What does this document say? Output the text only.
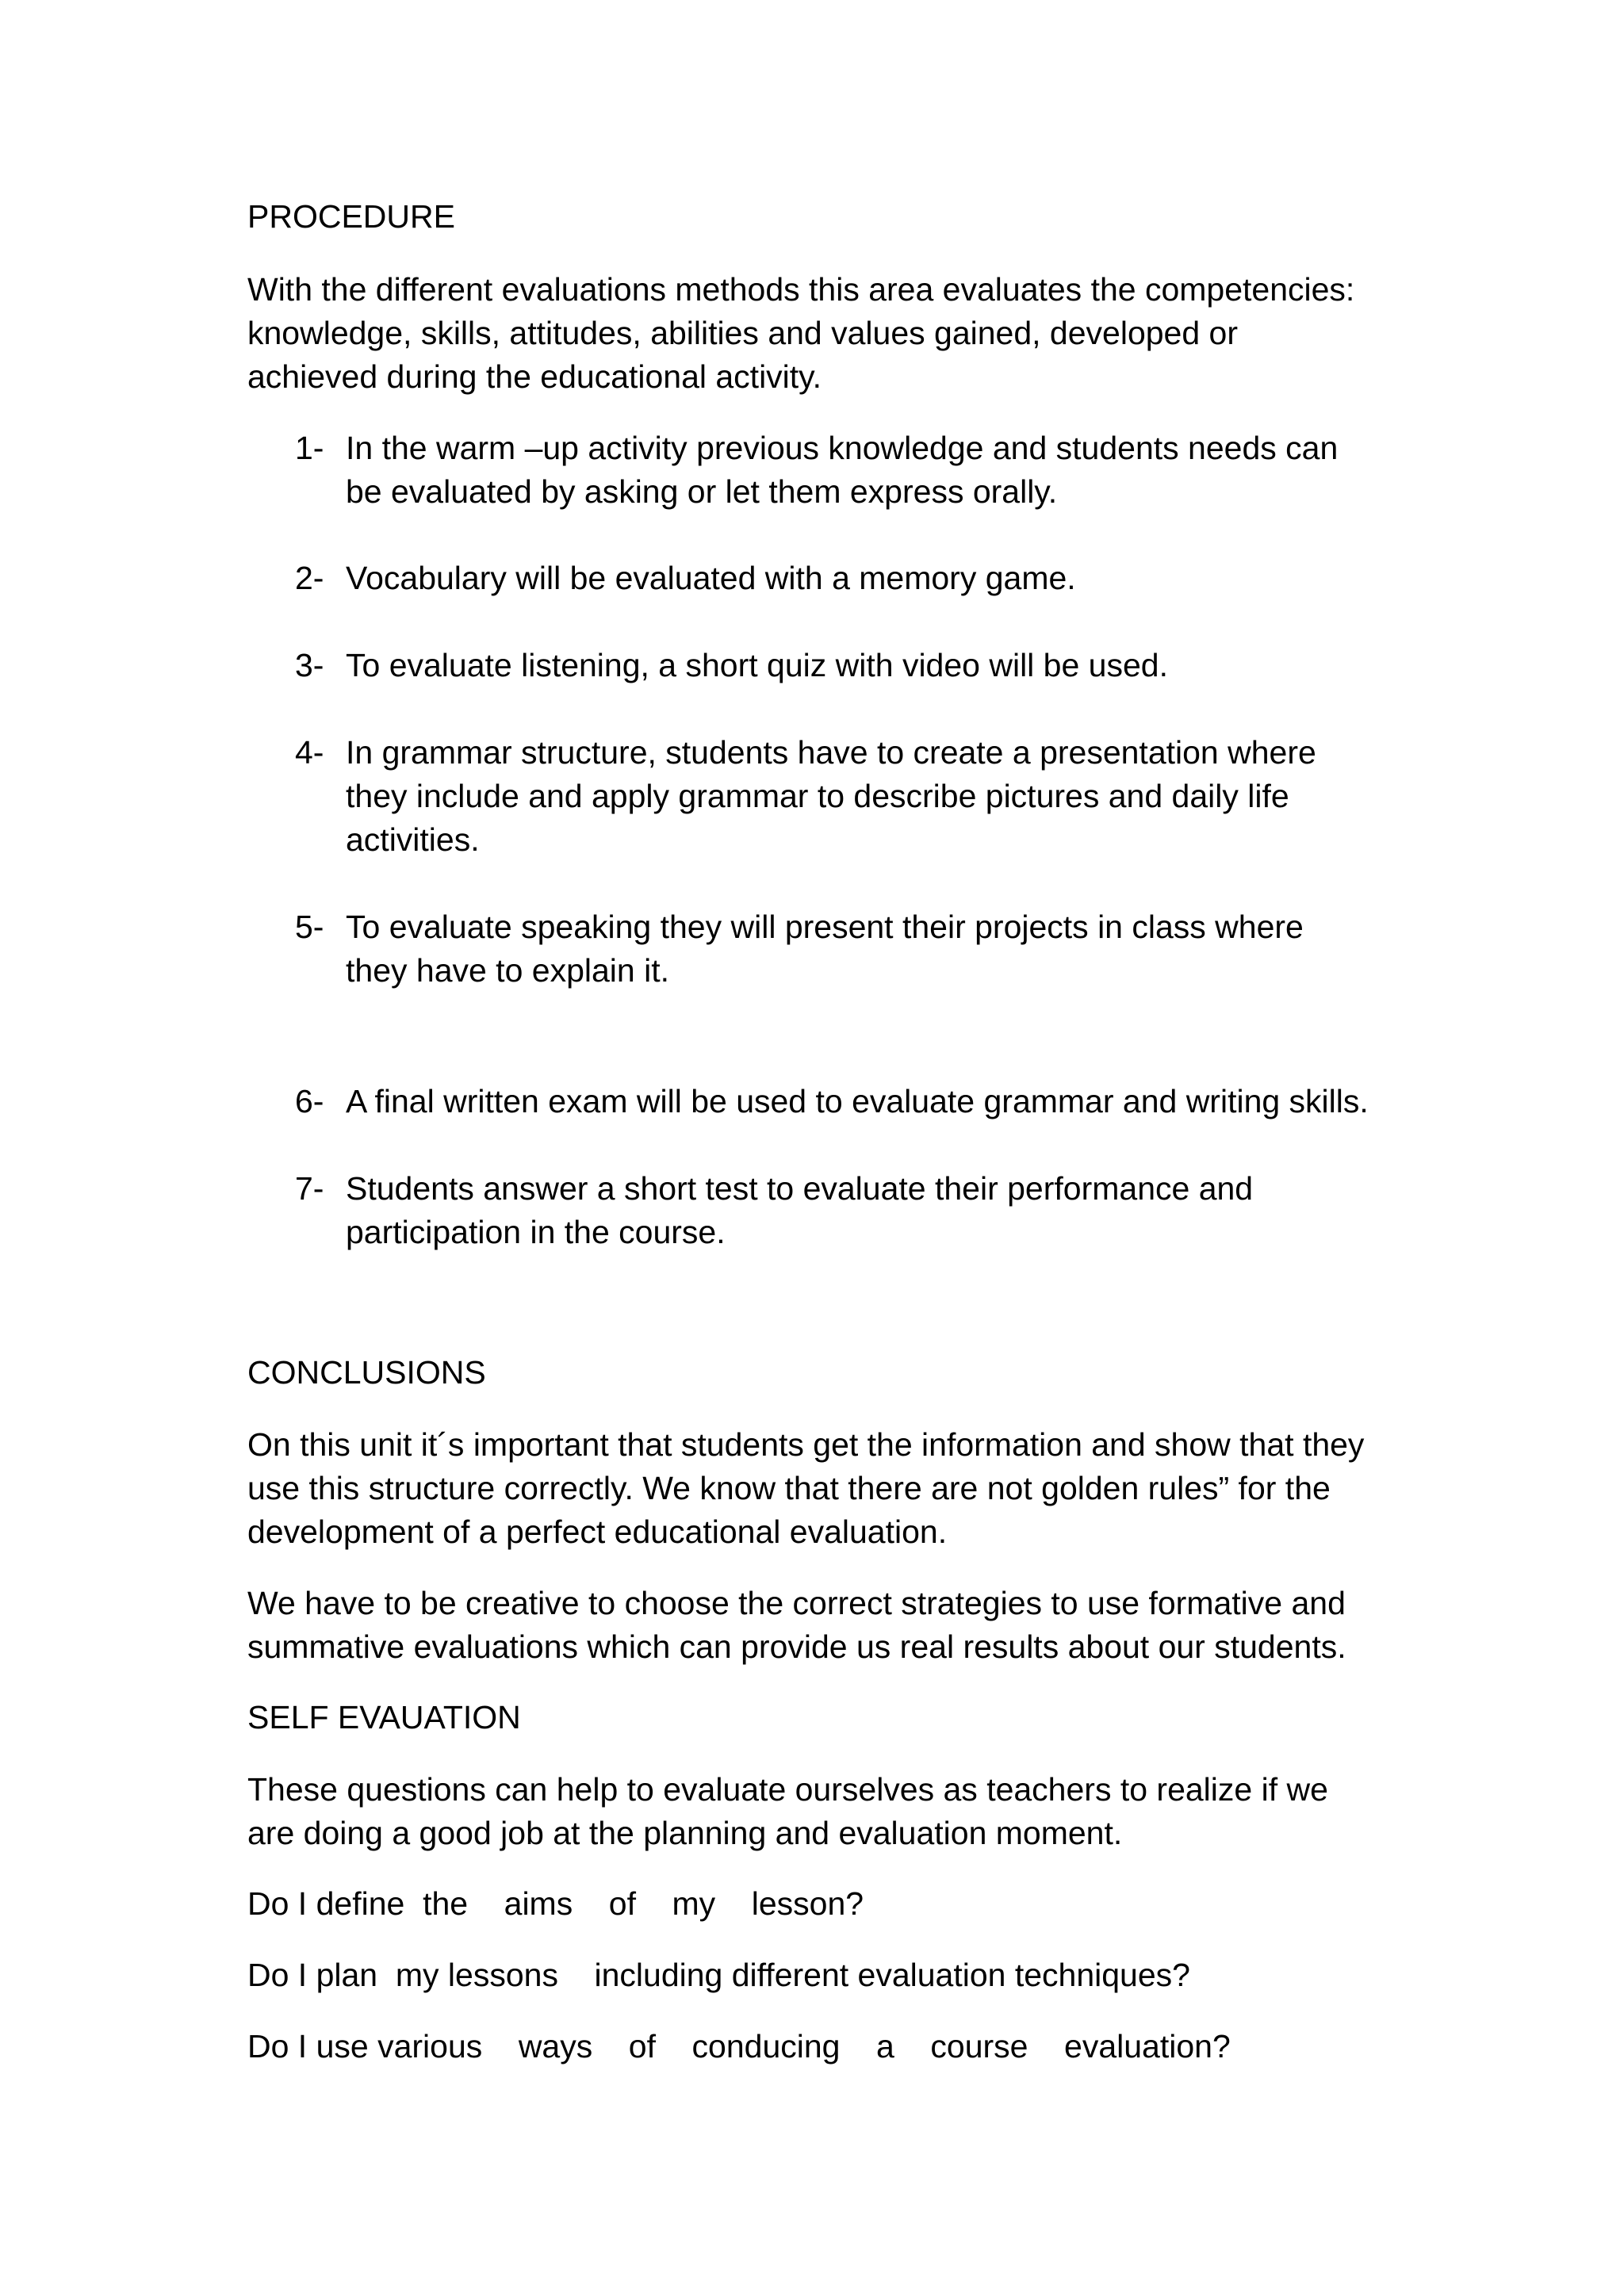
PROCEDURE

With the different evaluations methods this area evaluates the competencies:
knowledge, skills, attitudes, abilities and values gained, developed or
achieved during the educational activity.

1- In the warm –up activity previous knowledge and students needs can
be evaluated by asking or let them express orally.
2- Vocabulary will be evaluated with a memory game.
3- To evaluate listening, a short quiz with video will be used.
4- In grammar structure, students have to create a presentation where
they include and apply grammar to describe pictures and daily life
activities.
5- To evaluate speaking they will present their projects in class where
they have to explain it.
6- A final written exam will be used to evaluate grammar and writing skills.
7- Students answer a short test to evaluate their performance and
participation in the course.
CONCLUSIONS

On this unit it´s important that students get the information and show that they
use this structure correctly. We know that there are not golden rules” for the
development of a perfect educational evaluation.

We have to be creative to choose the correct strategies to use formative and
summative evaluations which can provide us real results about our students.

SELF EVAUATION

These questions can help to evaluate ourselves as teachers to realize if we
are doing a good job at the planning and evaluation moment.

Do I define  the    aims    of    my    lesson?

Do I plan  my lessons    including different evaluation techniques?

Do I use various    ways    of    conducing    a    course    evaluation?
